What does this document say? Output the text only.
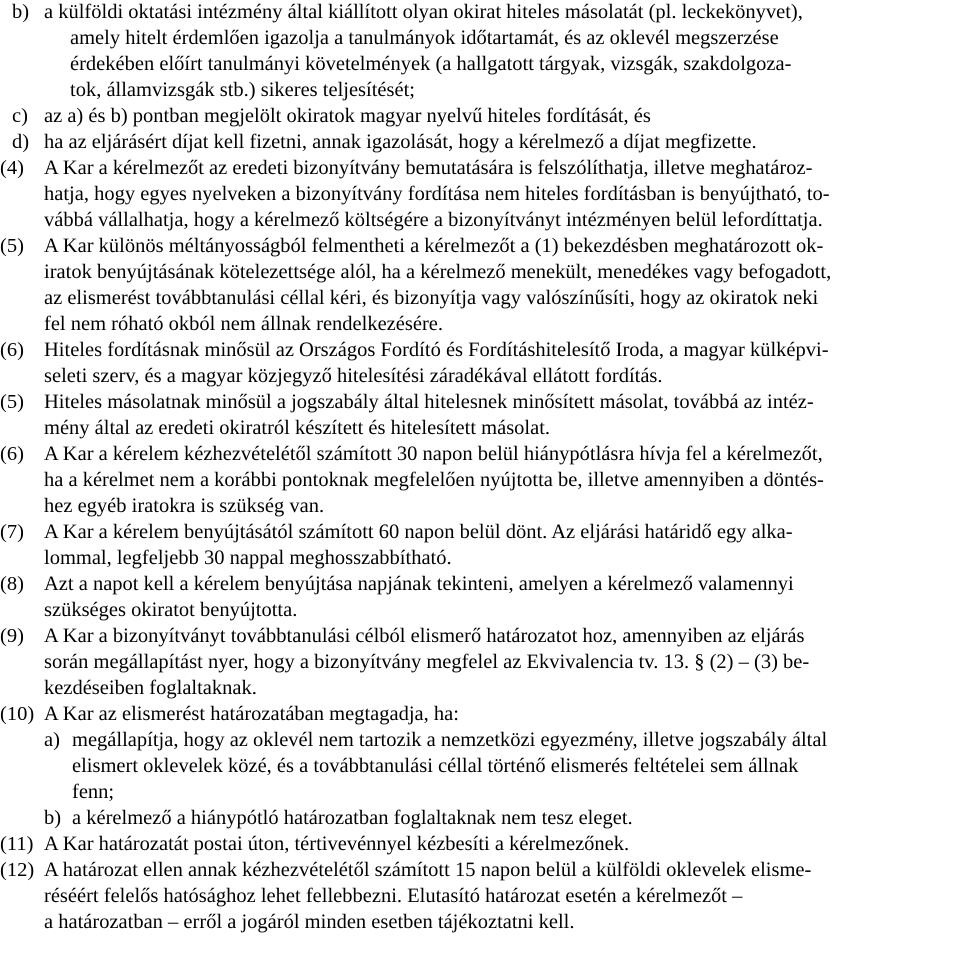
b) a külföldi oktatási intézmény által kiállított olyan okirat hiteles másolatát (pl. leckekönyvet),
amely hitelt érdemlően igazolja a tanulmányok időtartamát, és az oklevél megszerzése
érdekében előírt tanulmányi követelmények (a hallgatott tárgyak, vizsgák, szakdolgoza-
tok, államvizsgák stb.) sikeres teljesítését;
c) az a) és b) pontban megjelölt okiratok magyar nyelvű hiteles fordítását, és
d) ha az eljárásért díjat kell fizetni, annak igazolását, hogy a kérelmező a díjat megfizette.
(4) A Kar a kérelmezőt az eredeti bizonyítvány bemutatására is felszólíthatja, illetve meghatároz-
hatja, hogy egyes nyelveken a bizonyítvány fordítása nem hiteles fordításban is benyújtható, to-
vábbá vállalhatja, hogy a kérelmező költségére a bizonyítványt intézményen belül lefordíttatja.
(5) A Kar különös méltányosságból felmentheti a kérelmezőt a (1) bekezdésben meghatározott ok-
iratok benyújtásának kötelezettsége alól, ha a kérelmező menekült, menedékes vagy befogadott,
az elismerést továbbtanulási céllal kéri, és bizonyítja vagy valószínűsíti, hogy az okiratok neki
fel nem róható okból nem állnak rendelkezésére.
(6) Hiteles fordításnak minősül az Országos Fordító és Fordításhitelesítő Iroda, a magyar külképvi-
seleti szerv, és a magyar közjegyző hitelesítési záradékával ellátott fordítás.
(5) Hiteles másolatnak minősül a jogszabály által hitelesnek minősített másolat, továbbá az intéz-
mény által az eredeti okiratról készített és hitelesített másolat.
(6) A Kar a kérelem kézhezvételétől számított 30 napon belül hiánypótlásra hívja fel a kérelmezőt,
ha a kérelmet nem a korábbi pontoknak megfelelően nyújtotta be, illetve amennyiben a döntés-
hez egyéb iratokra is szükség van.
(7) A Kar a kérelem benyújtásától számított 60 napon belül dönt. Az eljárási határidő egy alka-
lommal, legfeljebb 30 nappal meghosszabbítható.
(8) Azt a napot kell a kérelem benyújtása napjának tekinteni, amelyen a kérelmező valamennyi
szükséges okiratot benyújtotta.
(9) A Kar a bizonyítványt továbbtanulási célból elismerő határozatot hoz, amennyiben az eljárás
során megállapítást nyer, hogy a bizonyítvány megfelel az Ekvivalencia tv. 13. § (2) – (3) be-
kezdéseiben foglaltaknak.
(10) A Kar az elismerést határozatában megtagadja, ha:
a) megállapítja, hogy az oklevél nem tartozik a nemzetközi egyezmény, illetve jogszabály által
elismert oklevelek közé, és a továbbtanulási céllal történő elismerés feltételei sem állnak
fenn;
b) a kérelmező a hiánypótló határozatban foglaltaknak nem tesz eleget.
(11) A Kar határozatát postai úton, tértivevénnyel kézbesíti a kérelmezőnek.
(12) A határozat ellen annak kézhezvételétől számított 15 napon belül a külföldi oklevelek elisme-
réséért felelős hatósághoz lehet fellebbezni. Elutasító határozat esetén a kérelmezőt –
a határozatban – erről a jogáról minden esetben tájékoztatni kell.
